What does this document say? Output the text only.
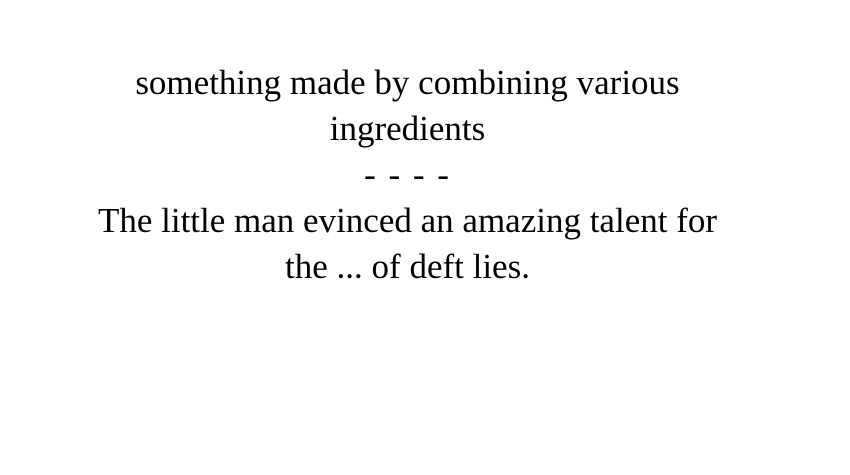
something made by combining various
ingredients
- - - -
The little man evinced an amazing talent for
the ... of deft lies.
